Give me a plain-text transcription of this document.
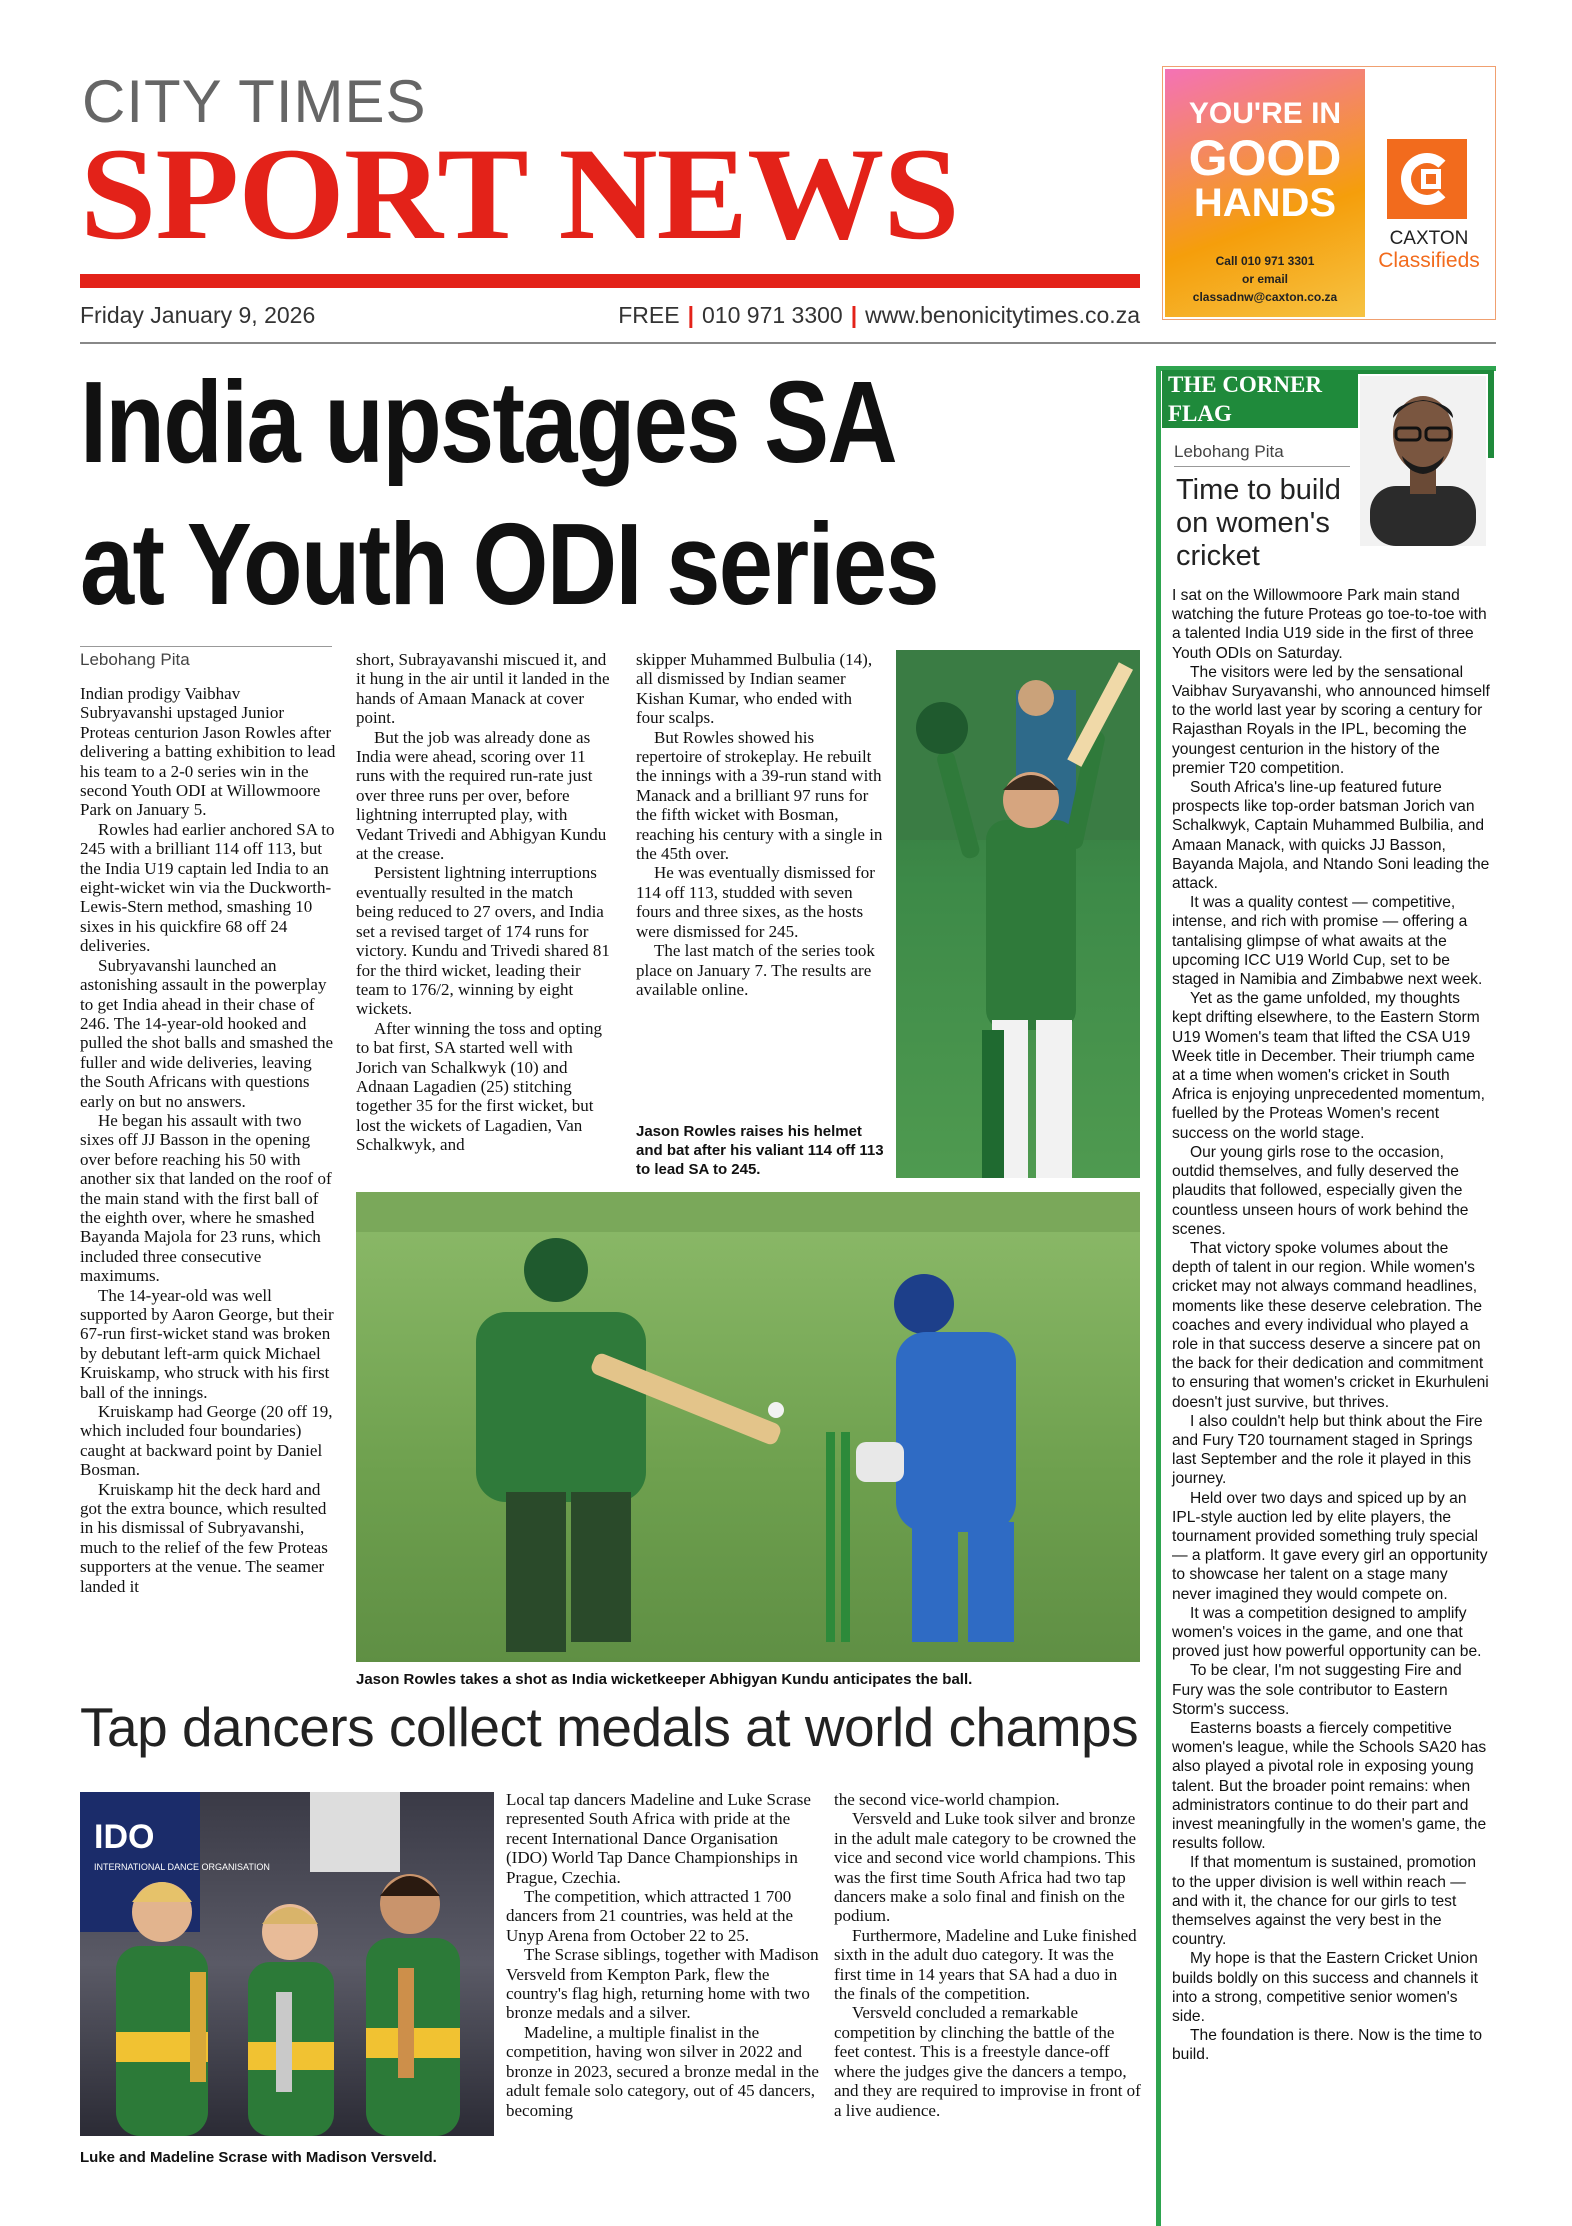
CITY TIMES
SPORT NEWS
Friday January 9, 2026	FREE | 010 971 3300 | www.benonicitytimes.co.za
YOU'RE IN
GOOD
HANDS
Call 010 971 3301
or email
classadnw@caxton.co.za
CAXTON
Classifieds
India upstages SA
at Youth ODI series
Lebohang Pita

Indian prodigy Vaibhav Subryavanshi upstaged Junior Proteas centurion Jason Rowles after delivering a batting exhibition to lead his team to a 2-0 series win in the second Youth ODI at Willowmoore Park on January 5.

Rowles had earlier anchored SA to 245 with a brilliant 114 off 113, but the India U19 captain led India to an eight-wicket win via the Duckworth-Lewis-Stern method, smashing 10 sixes in his quickfire 68 off 24 deliveries.

Subryavanshi launched an astonishing assault in the powerplay to get India ahead in their chase of 246. The 14-year-old hooked and pulled the shot balls and smashed the fuller and wide deliveries, leaving the South Africans with questions early on but no answers.

He began his assault with two sixes off JJ Basson in the opening over before reaching his 50 with another six that landed on the roof of the main stand with the first ball of the eighth over, where he smashed Bayanda Majola for 23 runs, which included three consecutive maximums.

The 14-year-old was well supported by Aaron George, but their 67-run first-wicket stand was broken by debutant left-arm quick Michael Kruiskamp, who struck with his first ball of the innings.

Kruiskamp had George (20 off 19, which included four boundaries) caught at backward point by Daniel Bosman.

Kruiskamp hit the deck hard and got the extra bounce, which resulted in his dismissal of Subryavanshi, much to the relief of the few Proteas supporters at the venue. The seamer landed it

short, Subrayavanshi miscued it, and it hung in the air until it landed in the hands of Amaan Manack at cover point.

But the job was already done as India were ahead, scoring over 11 runs with the required run-rate just over three runs per over, before lightning interrupted play, with Vedant Trivedi and Abhigyan Kundu at the crease.

Persistent lightning interruptions eventually resulted in the match being reduced to 27 overs, and India set a revised target of 174 runs for victory. Kundu and Trivedi shared 81 for the third wicket, leading their team to 176/2, winning by eight wickets.

After winning the toss and opting to bat first, SA started well with Jorich van Schalkwyk (10) and Adnaan Lagadien (25) stitching together 35 for the first wicket, but lost the wickets of Lagadien, Van Schalkwyk, and

skipper Muhammed Bulbulia (14), all dismissed by Indian seamer Kishan Kumar, who ended with four scalps.

But Rowles showed his repertoire of strokeplay. He rebuilt the innings with a 39-run stand with Manack and a brilliant 97 runs for the fifth wicket with Bosman, reaching his century with a single in the 45th over.

He was eventually dismissed for 114 off 113, studded with seven fours and three sixes, as the hosts were dismissed for 245.

The last match of the series took place on January 7. The results are available online.

Jason Rowles raises his helmet and bat after his valiant 114 off 113 to lead SA to 245.
Jason Rowles takes a shot as India wicketkeeper Abhigyan Kundu anticipates the ball.
THE CORNER FLAG
Lebohang Pita
Time to build on women's cricket

I sat on the Willowmoore Park main stand watching the future Proteas go toe-to-toe with a talented India U19 side in the first of three Youth ODIs on Saturday.

The visitors were led by the sensational Vaibhav Suryavanshi, who announced himself to the world last year by scoring a century for Rajasthan Royals in the IPL, becoming the youngest centurion in the history of the premier T20 competition.

South Africa's line-up featured future prospects like top-order batsman Jorich van Schalkwyk, Captain Muhammed Bulbilia, and Amaan Manack, with quicks JJ Basson, Bayanda Majola, and Ntando Soni leading the attack.

It was a quality contest — competitive, intense, and rich with promise — offering a tantalising glimpse of what awaits at the upcoming ICC U19 World Cup, set to be staged in Namibia and Zimbabwe next week.

Yet as the game unfolded, my thoughts kept drifting elsewhere, to the Eastern Storm U19 Women's team that lifted the CSA U19 Week title in December. Their triumph came at a time when women's cricket in South Africa is enjoying unprecedented momentum, fuelled by the Proteas Women's recent success on the world stage.

Our young girls rose to the occasion, outdid themselves, and fully deserved the plaudits that followed, especially given the countless unseen hours of work behind the scenes.

That victory spoke volumes about the depth of talent in our region. While women's cricket may not always command headlines, moments like these deserve celebration. The coaches and every individual who played a role in that success deserve a sincere pat on the back for their dedication and commitment to ensuring that women's cricket in Ekurhuleni doesn't just survive, but thrives.

I also couldn't help but think about the Fire and Fury T20 tournament staged in Springs last September and the role it played in this journey.

Held over two days and spiced up by an IPL-style auction led by elite players, the tournament provided something truly special — a platform. It gave every girl an opportunity to showcase her talent on a stage many never imagined they would compete on.

It was a competition designed to amplify women's voices in the game, and one that proved just how powerful opportunity can be.

To be clear, I'm not suggesting Fire and Fury was the sole contributor to Eastern Storm's success.

Easterns boasts a fiercely competitive women's league, while the Schools SA20 has also played a pivotal role in exposing young talent. But the broader point remains: when administrators continue to do their part and invest meaningfully in the women's game, the results follow.

If that momentum is sustained, promotion to the upper division is well within reach — and with it, the chance for our girls to test themselves against the very best in the country.

My hope is that the Eastern Cricket Union builds boldly on this success and channels it into a strong, competitive senior women's side.

The foundation is there. Now is the time to build.

Tap dancers collect medals at world champs
IDO
INTERNATIONAL DANCE ORGANISATION
Luke and Madeline Scrase with Madison Versveld.

Local tap dancers Madeline and Luke Scrase represented South Africa with pride at the recent International Dance Organisation (IDO) World Tap Dance Championships in Prague, Czechia.

The competition, which attracted 1 700 dancers from 21 countries, was held at the Unyp Arena from October 22 to 25.

The Scrase siblings, together with Madison Versveld from Kempton Park, flew the country's flag high, returning home with two bronze medals and a silver.

Madeline, a multiple finalist in the competition, having won silver in 2022 and bronze in 2023, secured a bronze medal in the adult female solo category, out of 45 dancers, becoming

the second vice-world champion.

Versveld and Luke took silver and bronze in the adult male category to be crowned the vice and second vice world champions. This was the first time South Africa had two tap dancers make a solo final and finish on the podium.

Furthermore, Madeline and Luke finished sixth in the adult duo category. It was the first time in 14 years that SA had a duo in the finals of the competition.

Versveld concluded a remarkable competition by clinching the battle of the feet contest. This is a freestyle dance-off where the judges give the dancers a tempo, and they are required to improvise in front of a live audience.
